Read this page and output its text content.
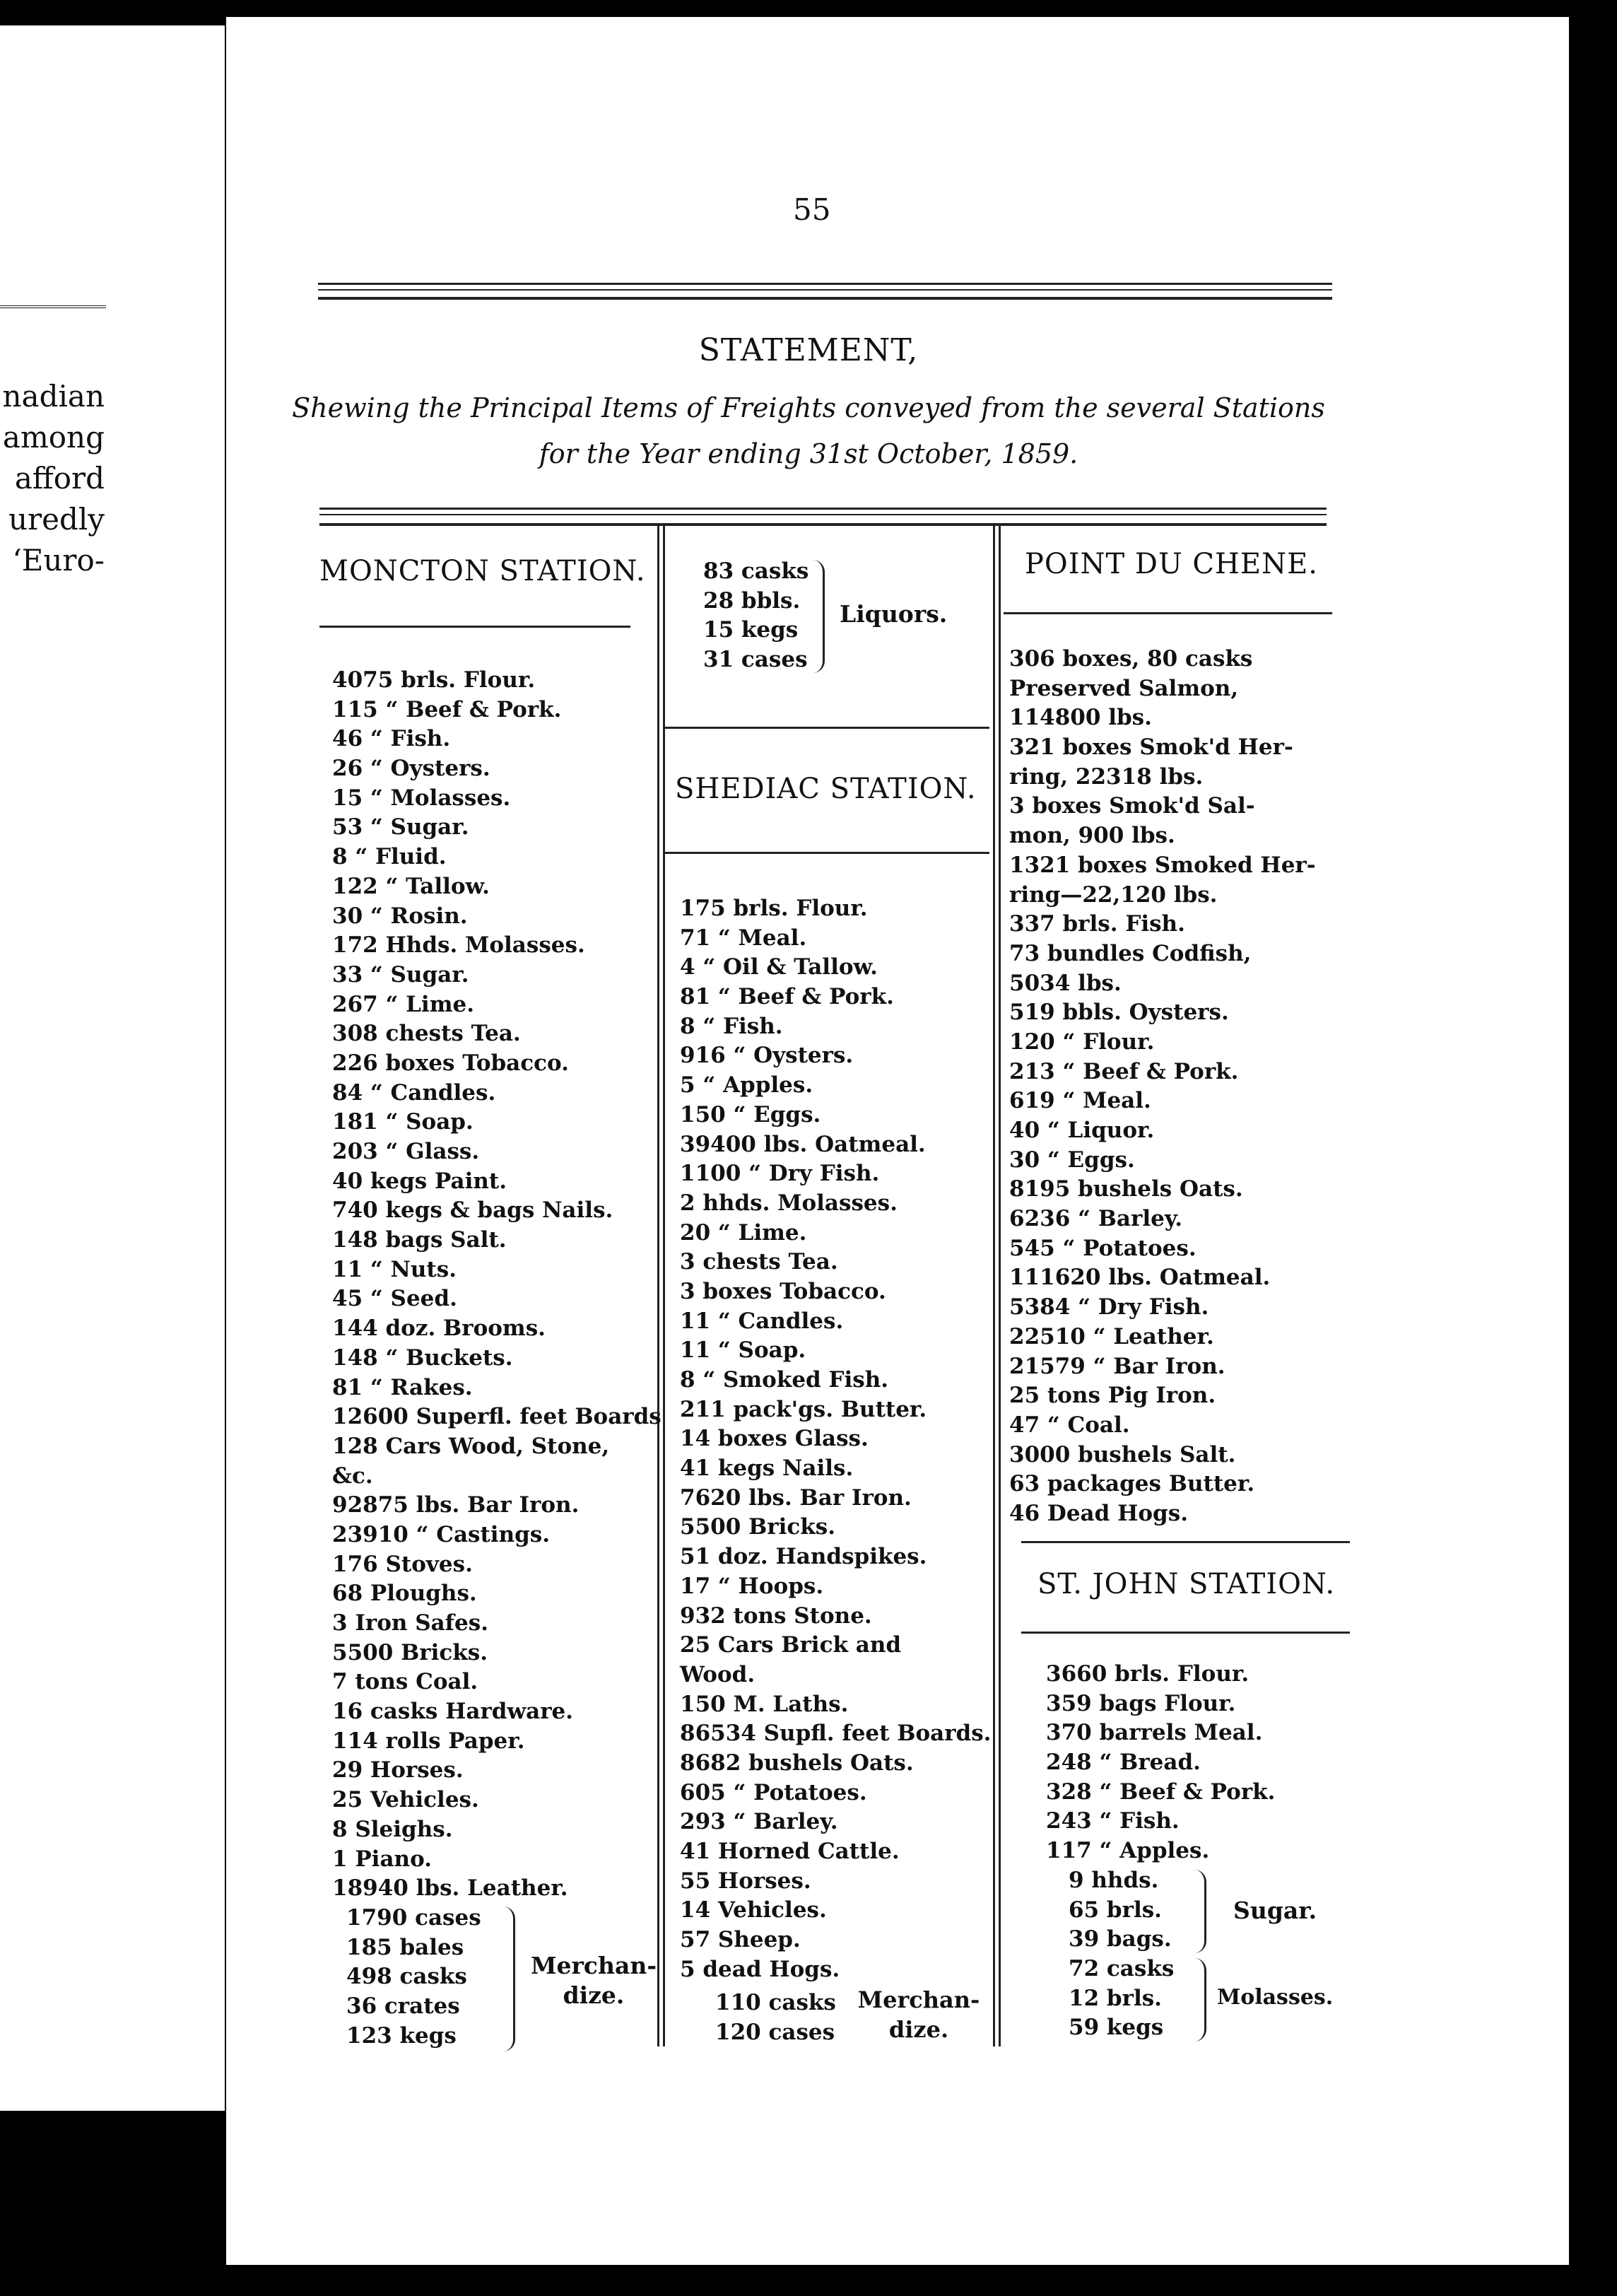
nadian
among
afford
uredly
‘Euro-
55
STATEMENT,
Shewing the Principal Items of Freights conveyed from the several Stations
for the Year ending 31st October, 1859.
MONCTON STATION.
4075 brls. Flour.
115 “ Beef & Pork.
46 “ Fish.
26 “ Oysters.
15 “ Molasses.
53 “ Sugar.
8 “ Fluid.
122 “ Tallow.
30 “ Rosin.
172 Hhds. Molasses.
33 “ Sugar.
267 “ Lime.
308 chests Tea.
226 boxes Tobacco.
84 “ Candles.
181 “ Soap.
203 “ Glass.
40 kegs Paint.
740 kegs & bags Nails.
148 bags Salt.
11 “ Nuts.
45 “ Seed.
144 doz. Brooms.
148 “ Buckets.
81 “ Rakes.
12600 Superfl. feet Boards
128 Cars Wood, Stone,
&c.
92875 lbs. Bar Iron.
23910 “ Castings.
176 Stoves.
68 Ploughs.
3 Iron Safes.
5500 Bricks.
7 tons Coal.
16 casks Hardware.
114 rolls Paper.
29 Horses.
25 Vehicles.
8 Sleighs.
1 Piano.
18940 lbs. Leather.
1790 cases
185 bales
498 casks
36 crates
123 kegs
Merchan-
dize.
83 casks
28 bbls.
15 kegs
31 cases
Liquors.
SHEDIAC STATION.
175 brls. Flour.
71 “ Meal.
4 “ Oil & Tallow.
81 “ Beef & Pork.
8 “ Fish.
916 “ Oysters.
5 “ Apples.
150 “ Eggs.
39400 lbs. Oatmeal.
1100 “ Dry Fish.
2 hhds. Molasses.
20 “ Lime.
3 chests Tea.
3 boxes Tobacco.
11 “ Candles.
11 “ Soap.
8 “ Smoked Fish.
211 pack'gs. Butter.
14 boxes Glass.
41 kegs Nails.
7620 lbs. Bar Iron.
5500 Bricks.
51 doz. Handspikes.
17 “ Hoops.
932 tons Stone.
25 Cars Brick and
Wood.
150 M. Laths.
86534 Supfl. feet Boards.
8682 bushels Oats.
605 “ Potatoes.
293 “ Barley.
41 Horned Cattle.
55 Horses.
14 Vehicles.
57 Sheep.
5 dead Hogs.
110 casks
120 cases
Merchan-
dize.
POINT DU CHENE.
306 boxes, 80 casks
Preserved Salmon,
114800 lbs.
321 boxes Smok'd Her-
ring, 22318 lbs.
3 boxes Smok'd Sal-
mon, 900 lbs.
1321 boxes Smoked Her-
ring—22,120 lbs.
337 brls. Fish.
73 bundles Codfish,
5034 lbs.
519 bbls. Oysters.
120 “ Flour.
213 “ Beef & Pork.
619 “ Meal.
40 “ Liquor.
30 “ Eggs.
8195 bushels Oats.
6236 “ Barley.
545 “ Potatoes.
111620 lbs. Oatmeal.
5384 “ Dry Fish.
22510 “ Leather.
21579 “ Bar Iron.
25 tons Pig Iron.
47 “ Coal.
3000 bushels Salt.
63 packages Butter.
46 Dead Hogs.
ST. JOHN STATION.
3660 brls. Flour.
359 bags Flour.
370 barrels Meal.
248 “ Bread.
328 “ Beef & Pork.
243 “ Fish.
117 “ Apples.
9 hhds.
65 brls.
39 bags.
Sugar.
72 casks
12 brls.
59 kegs
Molasses.
